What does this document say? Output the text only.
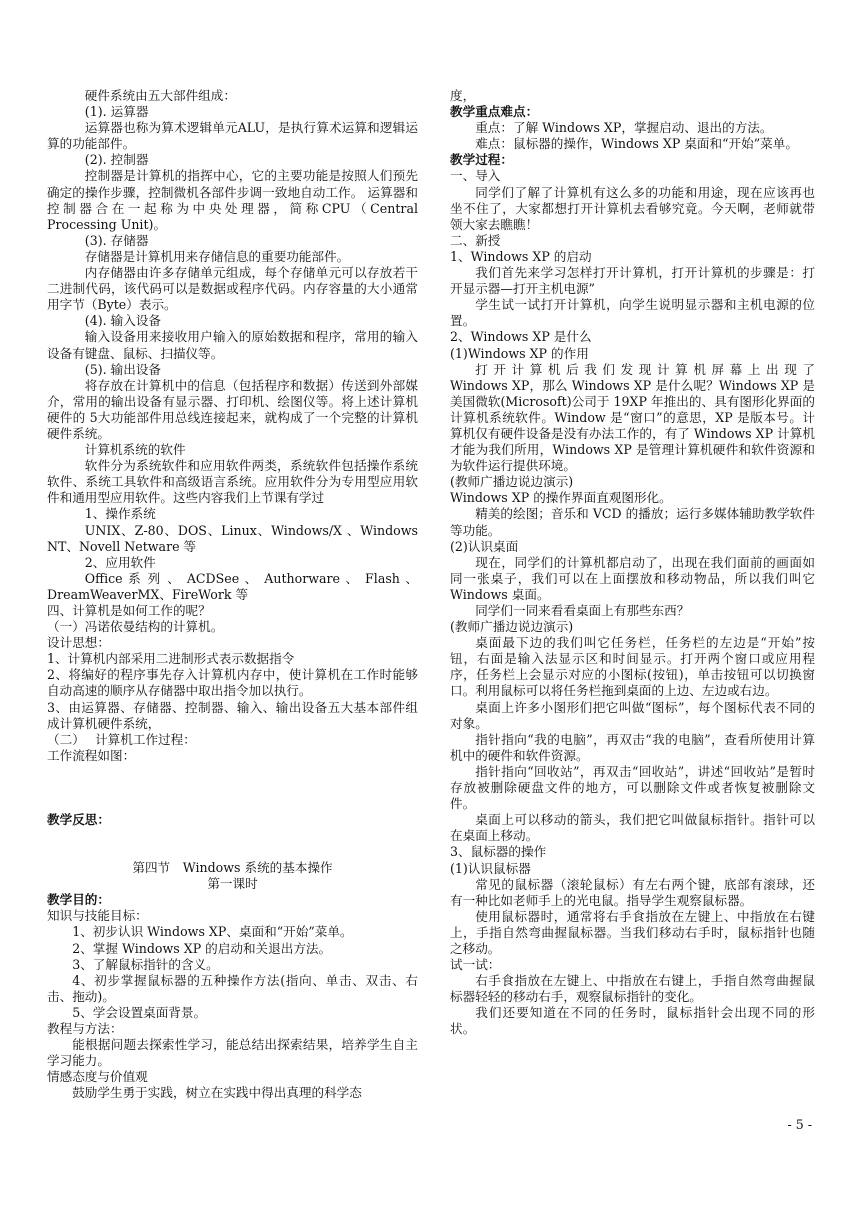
硬件系统由五大部件组成：

(1). 运算器

运算器也称为算术逻辑单元ALU，是执行算术运算和逻辑运算的功能部件。

(2). 控制器

控制器是计算机的指挥中心，它的主要功能是按照人们预先确定的操作步骤，控制微机各部件步调一致地自动工作。 运算器和控制器合在一起称为中央处理器，简称CPU（Central Processing Unit)。

(3). 存储器

存储器是计算机用来存储信息的重要功能部件。

内存储器由许多存储单元组成，每个存储单元可以存放若干二进制代码，该代码可以是数据或程序代码。内存容量的大小通常用字节（Byte）表示。

(4). 输入设备

输入设备用来接收用户输入的原始数据和程序，常用的输入设备有键盘、鼠标、扫描仪等。

(5). 输出设备

将存放在计算机中的信息（包括程序和数据）传送到外部媒介，常用的输出设备有显示器、打印机、绘图仪等。将上述计算机硬件的 5大功能部件用总线连接起来，就构成了一个完整的计算机硬件系统。

计算机系统的软件

软件分为系统软件和应用软件两类，系统软件包括操作系统软件、系统工具软件和高级语言系统。应用软件分为专用型应用软件和通用型应用软件。这些内容我们上节课有学过

1、操作系统

UNIX、Z-80、DOS、Linux、Windows/X 、Windows NT、Novell Netware 等

2、应用软件

Office 系 列 、 ACDSee 、 Authorware 、 Flash 、DreamWeaverMX、FireWork 等

四、计算机是如何工作的呢？

（一）冯诺依曼结构的计算机。

设计思想：

1、计算机内部采用二进制形式表示数据指令

2、将编好的程序事先存入计算机内存中，使计算机在工作时能够自动高速的顺序从存储器中取出指令加以执行。

3、由运算器、存储器、控制器、输入、输出设备五大基本部件组成计算机硬件系统，

（二）　 计算机工作过程：

工作流程如图：

教学反思：

第四节　Windows 系统的基本操作

第一课时

教学目的：

知识与技能目标：

1、初步认识 Windows XP、桌面和“开始”菜单。

2、掌握 Windows XP 的启动和关退出方法。

3、了解鼠标指针的含义。

4、初步掌握鼠标器的五种操作方法(指向、单击、双击、右击、拖动)。

5、学会设置桌面背景。

教程与方法：

能根据问题去探索性学习，能总结出探索结果，培养学生自主学习能力。

情感态度与价值观

鼓励学生勇于实践，树立在实践中得出真理的科学态

度，

教学重点难点：

重点：了解 Windows XP，掌握启动、退出的方法。

难点：鼠标器的操作，Windows XP 桌面和“开始”菜单。

教学过程：

一、导入

同学们了解了计算机有这么多的功能和用途，现在应该再也坐不住了，大家都想打开计算机去看够究竟。今天啊，老师就带领大家去瞧瞧！

二、新授

1、Windows XP 的启动

我们首先来学习怎样打开计算机，打开计算机的步骤是：打开显示器—打开主机电源”

学生试一试打开计算机，向学生说明显示器和主机电源的位置。

2、Windows XP 是什么

(1)Windows XP 的作用

打 开 计 算 机 后 我 们 发 现 计 算 机 屏 幕 上 出 现 了 Windows XP，那么 Windows XP 是什么呢？Windows XP 是美国微软(Microsoft)公司于 19XP 年推出的、具有图形化界面的计算机系统软件。Window 是“窗口”的意思，XP 是版本号。计算机仅有硬件设备是没有办法工作的，有了 Windows XP 计算机才能为我们所用，Windows XP 是管理计算机硬件和软件资源和为软件运行提供环境。

(教师广播边说边演示)

Windows XP 的操作界面直观图形化。

精美的绘图；音乐和 VCD 的播放；运行多媒体辅助教学软件等功能。

(2)认识桌面

现在，同学们的计算机都启动了，出现在我们面前的画面如同一张桌子，我们可以在上面摆放和移动物品，所以我们叫它 Windows 桌面。

同学们一同来看看桌面上有那些东西？

(教师广播边说边演示)

桌面最下边的我们叫它任务栏，任务栏的左边是“开始”按钮，右面是输入法显示区和时间显示。打开两个窗口或应用程序，任务栏上会显示对应的小图标(按钮)，单击按钮可以切换窗口。利用鼠标可以将任务栏拖到桌面的上边、左边或右边。

桌面上许多小图形们把它叫做“图标”，每个图标代表不同的对象。

指针指向“我的电脑”，再双击“我的电脑”，查看所使用计算机中的硬件和软件资源。

指针指向“回收站”，再双击“回收站”，讲述“回收站”是暂时存放被删除硬盘文件的地方，可以删除文件或者恢复被删除文件。

桌面上可以移动的箭头，我们把它叫做鼠标指针。指针可以在桌面上移动。

3、鼠标器的操作

(1)认识鼠标器

常见的鼠标器（滚轮鼠标）有左右两个键，底部有滚球，还有一种比如老师手上的光电鼠。指导学生观察鼠标器。

使用鼠标器时，通常将右手食指放在左键上、中指放在右键上，手指自然弯曲握鼠标器。当我们移动右手时，鼠标指针也随之移动。

试一试：

右手食指放在左键上、中指放在右键上，手指自然弯曲握鼠标器轻轻的移动右手，观察鼠标指针的变化。

我们还要知道在不同的任务时，鼠标指针会出现不同的形状。

- 5 -
